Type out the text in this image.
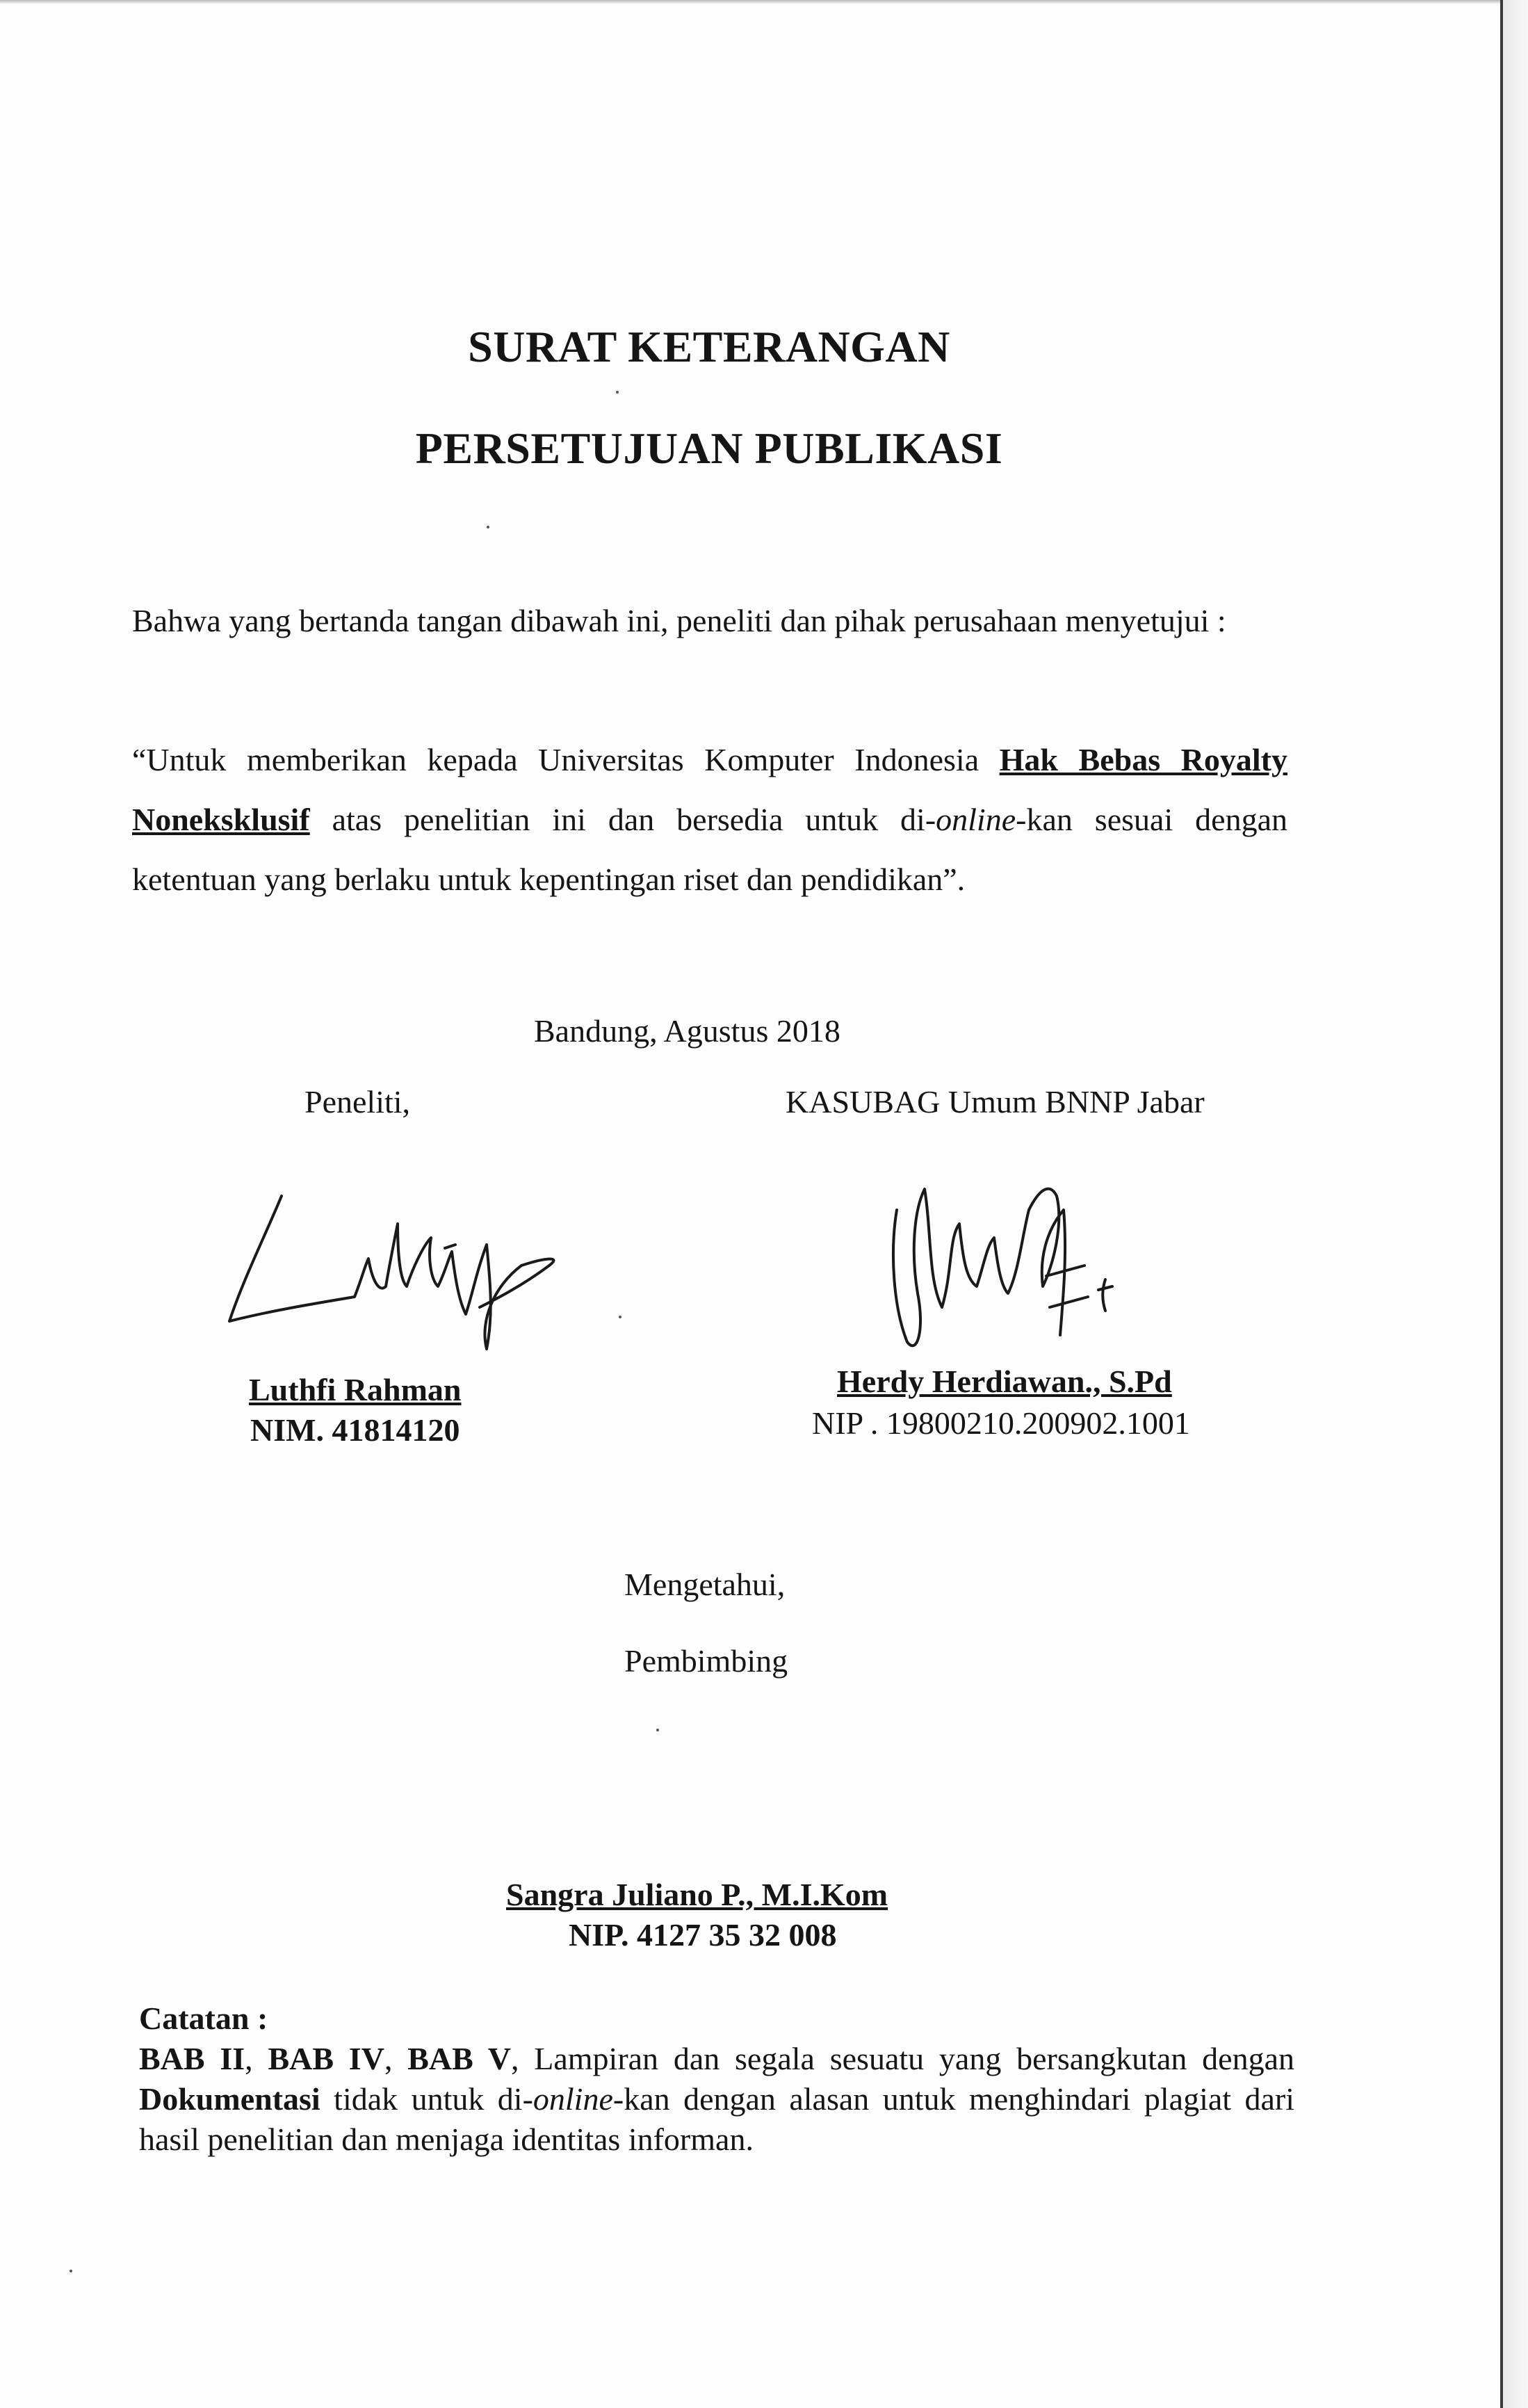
SURAT KETERANGAN
PERSETUJUAN PUBLIKASI
Bahwa yang bertanda tangan dibawah ini, peneliti dan pihak perusahaan menyetujui :
“Untuk memberikan kepada Universitas Komputer Indonesia Hak Bebas Royalty Noneksklusif atas penelitian ini dan bersedia untuk di-online-kan sesuai dengan ketentuan yang berlaku untuk kepentingan riset dan pendidikan”.
Bandung, Agustus 2018
Peneliti,	KASUBAG Umum BNNP Jabar
Luthfi Rahman
NIM. 41814120
Herdy Herdiawan., S.Pd
NIP . 19800210.200902.1001
Mengetahui,
Pembimbing
Sangra Juliano P., M.I.Kom
NIP. 4127 35 32 008
Catatan :
BAB II, BAB IV, BAB V, Lampiran dan segala sesuatu yang bersangkutan dengan Dokumentasi tidak untuk di-online-kan dengan alasan untuk menghindari plagiat dari hasil penelitian dan menjaga identitas informan.
